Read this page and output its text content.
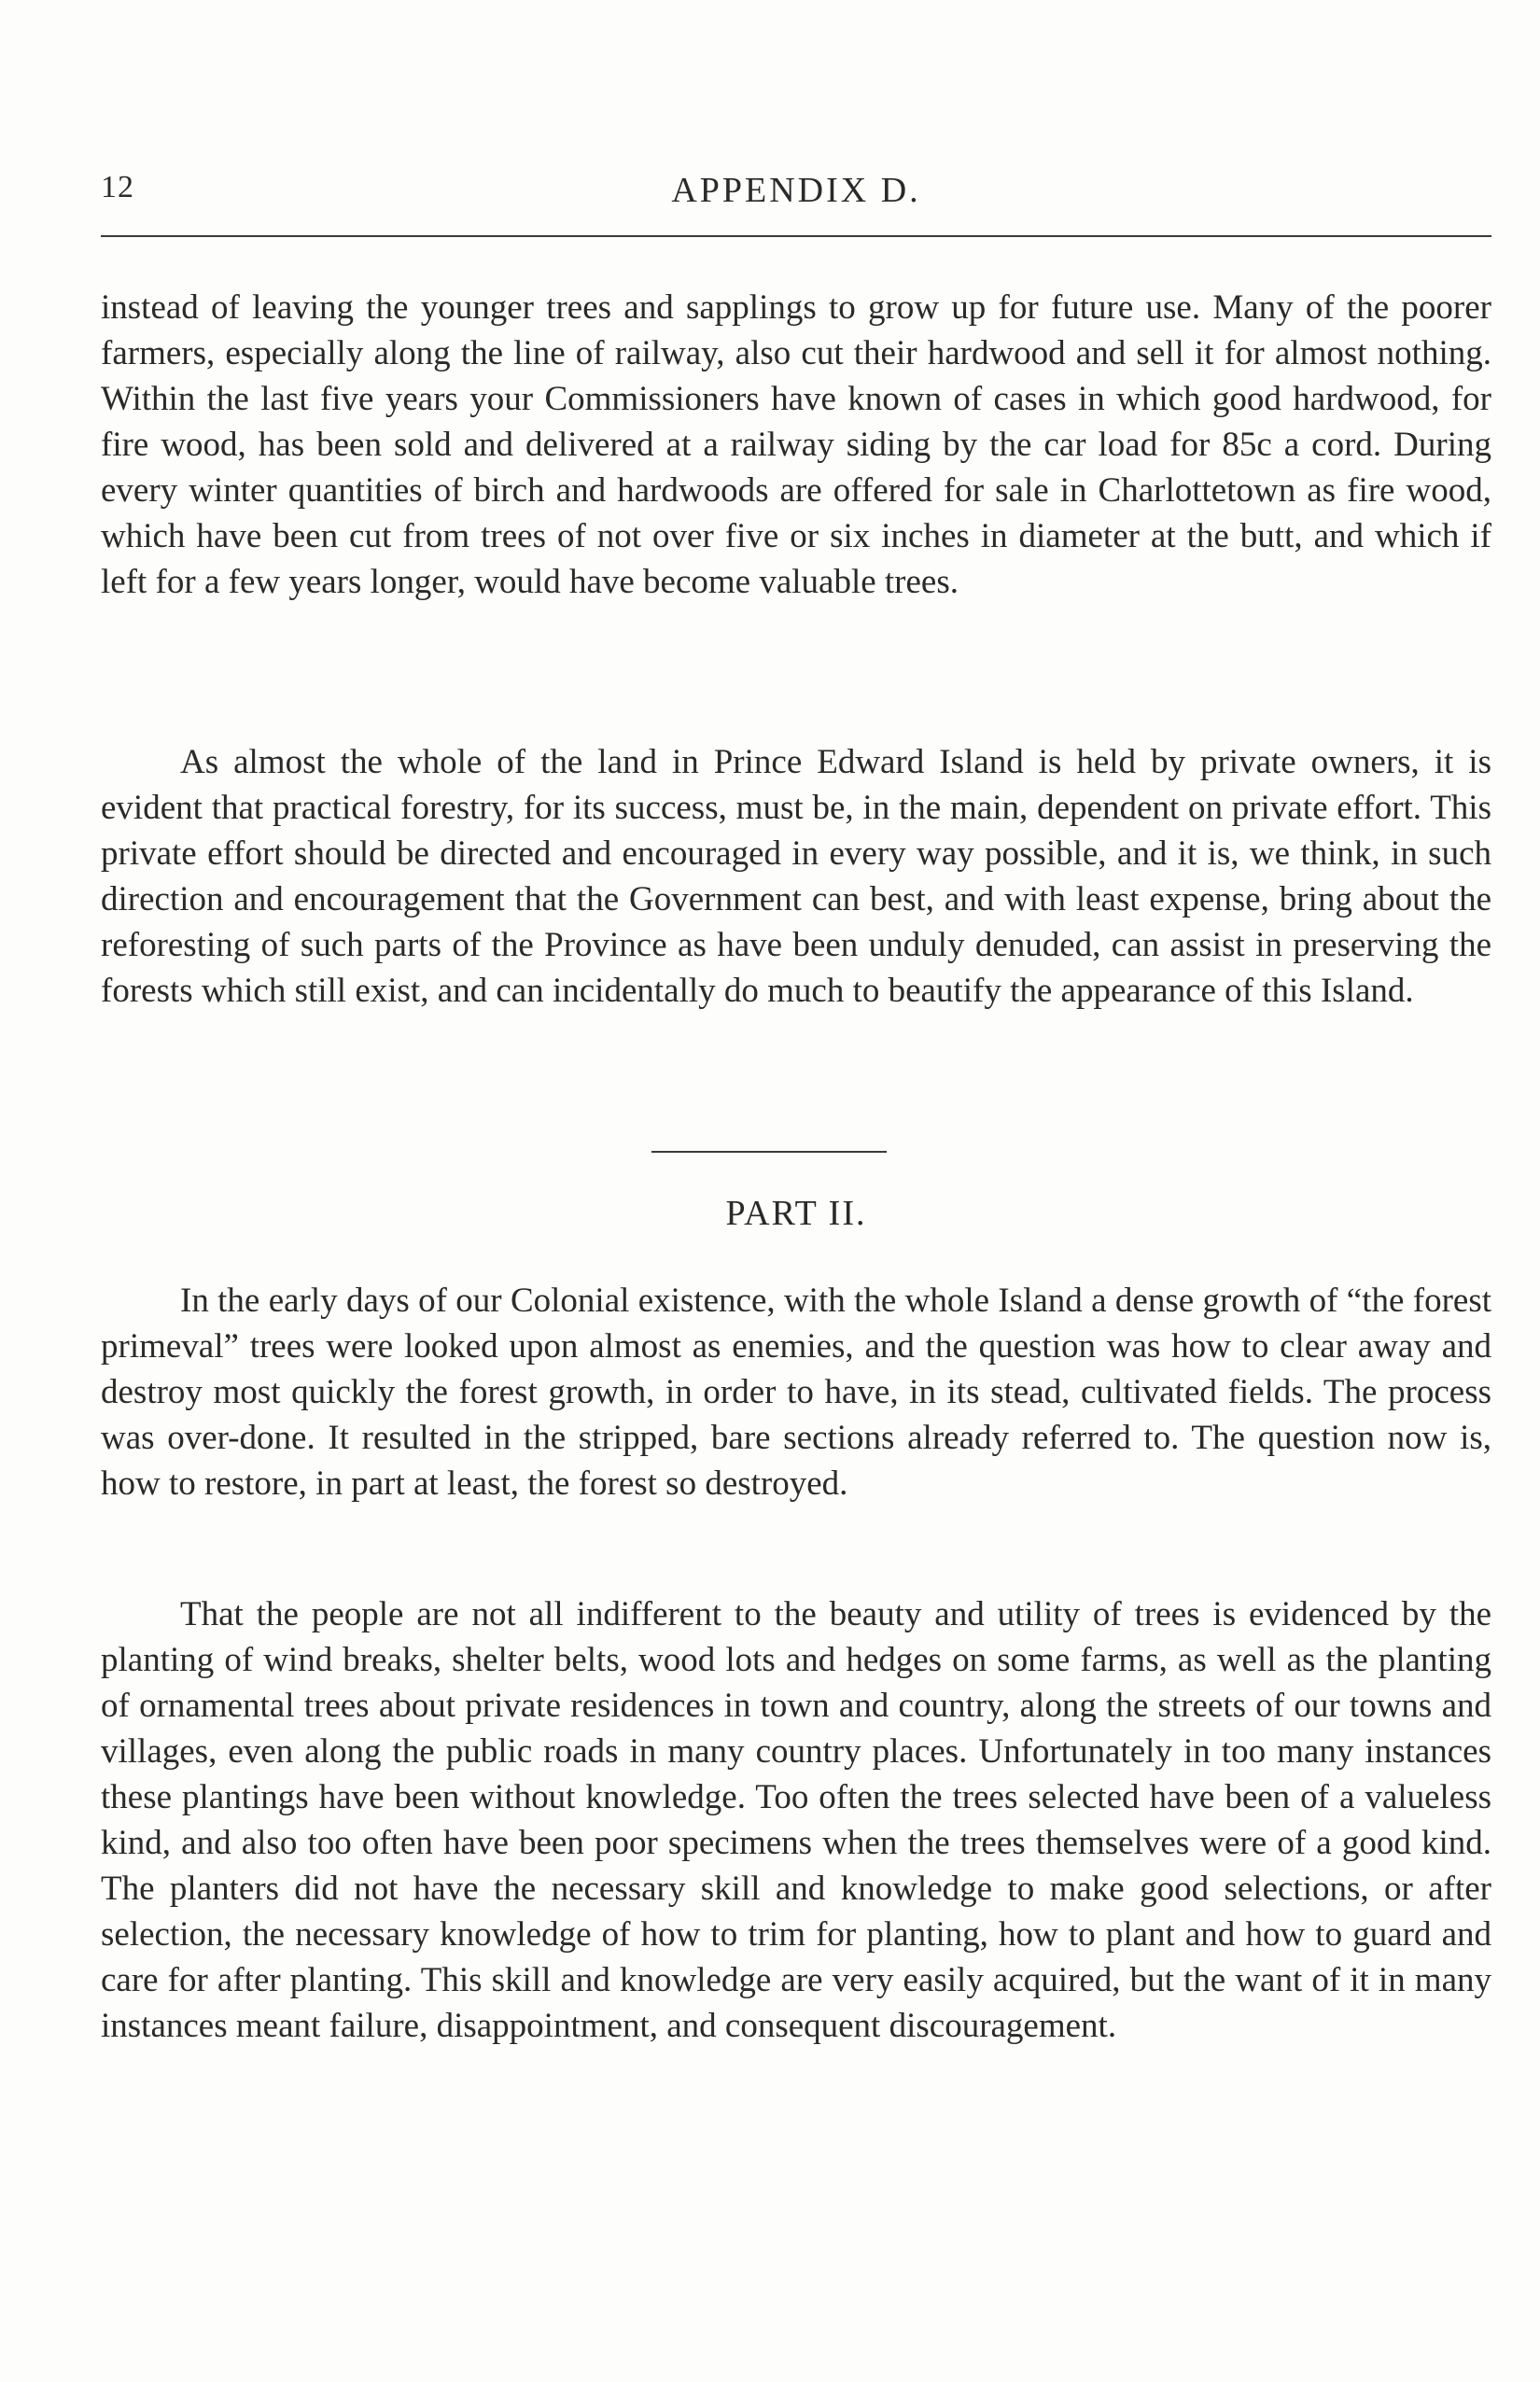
12	APPENDIX D.

instead of leaving the younger trees and sapplings to grow up for future use. Many of the poorer farmers, especially along the line of railway, also cut their hardwood and sell it for almost nothing. Within the last five years your Commissioners have known of cases in which good hardwood, for fire wood, has been sold and delivered at a railway siding by the car load for 85c a cord. During every winter quantities of birch and hardwoods are offered for sale in Charlottetown as fire wood, which have been cut from trees of not over five or six inches in diameter at the butt, and which if left for a few years longer, would have become valuable trees.

As almost the whole of the land in Prince Edward Island is held by private owners, it is evident that practical forestry, for its success, must be, in the main, dependent on private effort. This private effort should be directed and encouraged in every way possible, and it is, we think, in such direction and encouragement that the Government can best, and with least expense, bring about the reforesting of such parts of the Province as have been unduly denuded, can assist in preserving the forests which still exist, and can incidentally do much to beautify the appearance of this Island.

PART II.

In the early days of our Colonial existence, with the whole Island a dense growth of “the forest primeval” trees were looked upon almost as enemies, and the question was how to clear away and destroy most quickly the forest growth, in order to have, in its stead, cultivated fields. The process was over-done. It resulted in the stripped, bare sections already referred to. The question now is, how to restore, in part at least, the forest so destroyed.

That the people are not all indifferent to the beauty and utility of trees is evidenced by the planting of wind breaks, shelter belts, wood lots and hedges on some farms, as well as the planting of ornamental trees about private residences in town and country, along the streets of our towns and villages, even along the public roads in many country places. Unfortunately in too many instances these plantings have been without knowledge. Too often the trees selected have been of a valueless kind, and also too often have been poor specimens when the trees themselves were of a good kind. The planters did not have the necessary skill and knowledge to make good selections, or after selection, the necessary knowledge of how to trim for planting, how to plant and how to guard and care for after planting. This skill and knowledge are very easily acquired, but the want of it in many instances meant failure, disappointment, and consequent discouragement.
